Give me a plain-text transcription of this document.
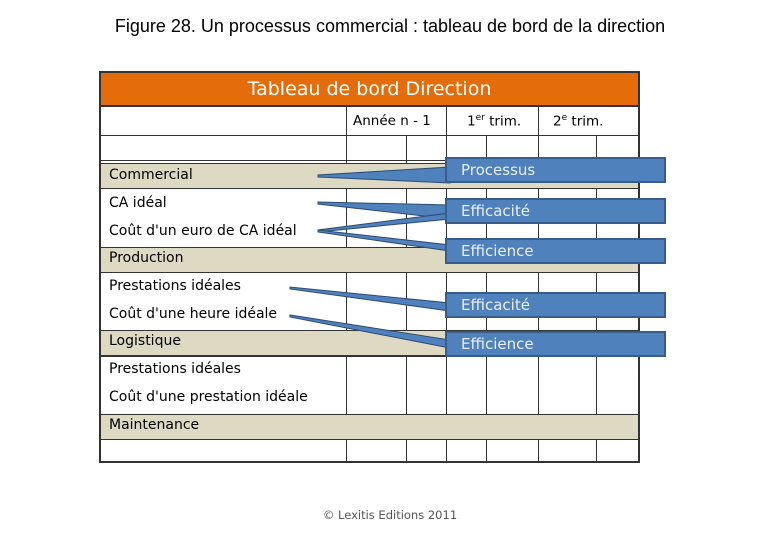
Figure 28. Un processus commercial : tableau de bord de la direction
Tableau de bord Direction
Année n - 1	1er trim. 2e trim.
Commercial
CA idéal
Coût d'un euro de CA idéal
Production
Prestations idéales
Coût d'une heure idéale
Logistique
Prestations idéales
Coût d'une prestation idéale
Maintenance
Processus
Efficacité
Efficience
Efficacité
Efficience
© Lexitis Editions 2011
